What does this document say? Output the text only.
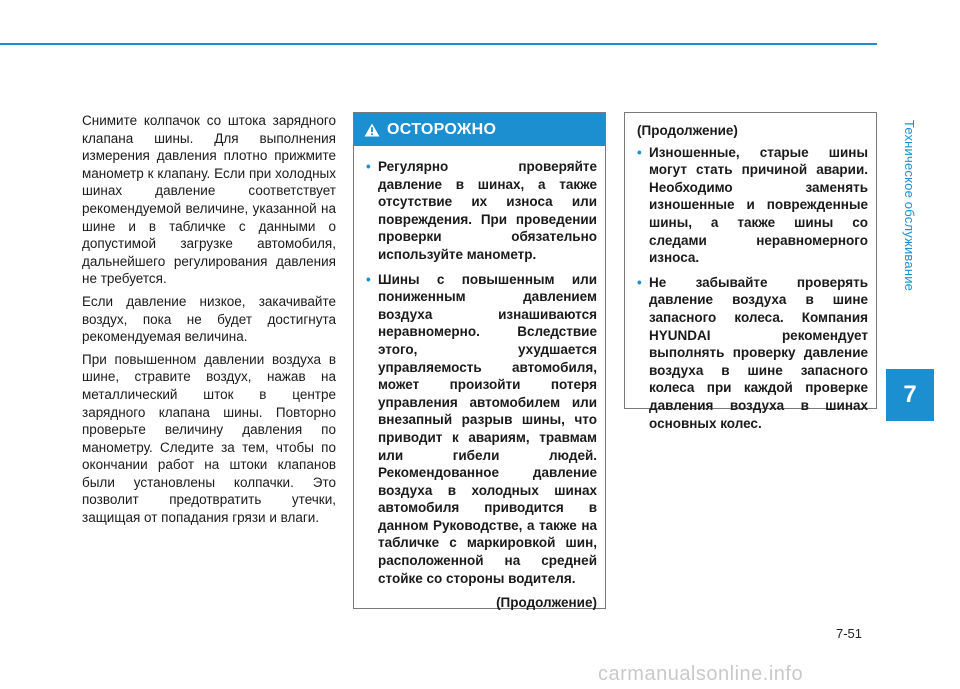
Техническое обслуживание
7

Снимите колпачок со штока зарядного клапана шины. Для выполнения измерения давления плотно прижмите манометр к клапану. Если при холодных шинах давление соответствует рекомендуемой величине, указанной на шине и в табличке с данными о допустимой загрузке автомобиля, дальнейшего регулирования давления не требуется.

Если давление низкое, закачивайте воздух, пока не будет достигнута рекомендуемая величина.

При повышенном давлении воздуха в шине, стравите воздух, нажав на металлический шток в центре зарядного клапана шины. Повторно проверьте величину давления по манометру. Следите за тем, чтобы по окончании работ на штоки клапанов были установлены колпачки. Это позволит предотвратить утечки, защищая от попадания грязи и влаги.

ОСТОРОЖНО
• Регулярно проверяйте давление в шинах, а также отсутствие их износа или повреждения. При проведении проверки обязательно используйте манометр.
• Шины с повышенным или пониженным давлением воздуха изнашиваются неравномерно. Вследствие этого, ухудшается управляемость автомобиля, может произойти потеря управления автомобилем или внезапный разрыв шины, что приводит к авариям, травмам или гибели людей. Рекомендованное давление воздуха в холодных шинах автомобиля приводится в данном Руководстве, а также на табличке с маркировкой шин, расположенной на средней стойке со стороны водителя.
(Продолжение)
(Продолжение)
• Изношенные, старые шины могут стать причиной аварии. Необходимо заменять изношенные и поврежденные шины, а также шины со следами неравномерного износа.
• Не забывайте проверять давление воздуха в шине запасного колеса. Компания HYUNDAI рекомендует выполнять проверку давление воздуха в шине запасного колеса при каждой проверке давления воздуха в шинах основных колес.
7-51
carmanualsonline.info
